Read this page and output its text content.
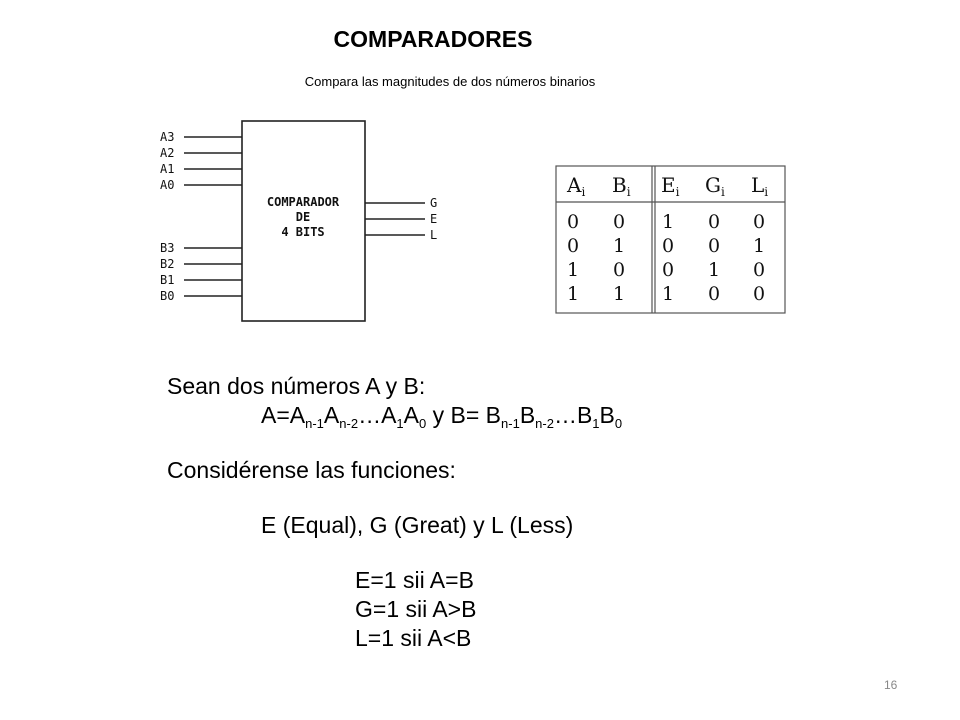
COMPARADORES
Compara las magnitudes de dos números binarios
A3
A2
A1
A0
B3
B2
B1
B0
G
E
L
COMPARADOR
DE
4 BITS
$A_i$ $B_i$ $E_i$ $G_i$ $L_i$
0 0 1 0 0
0 1 0 0 1
1 0 0 1 0
1 1 1 0 0
Sean dos números A y B:
$A=A_{n-1}A_{n-2}\dots A_1A_0$ y $B= B_{n-1}B_{n-2}\dots B_1B_0$
Considérense las funciones:
E (Equal), G (Great) y L (Less)
E=1 sii A=B
G=1 sii A>B
L=1 sii A<B
16
